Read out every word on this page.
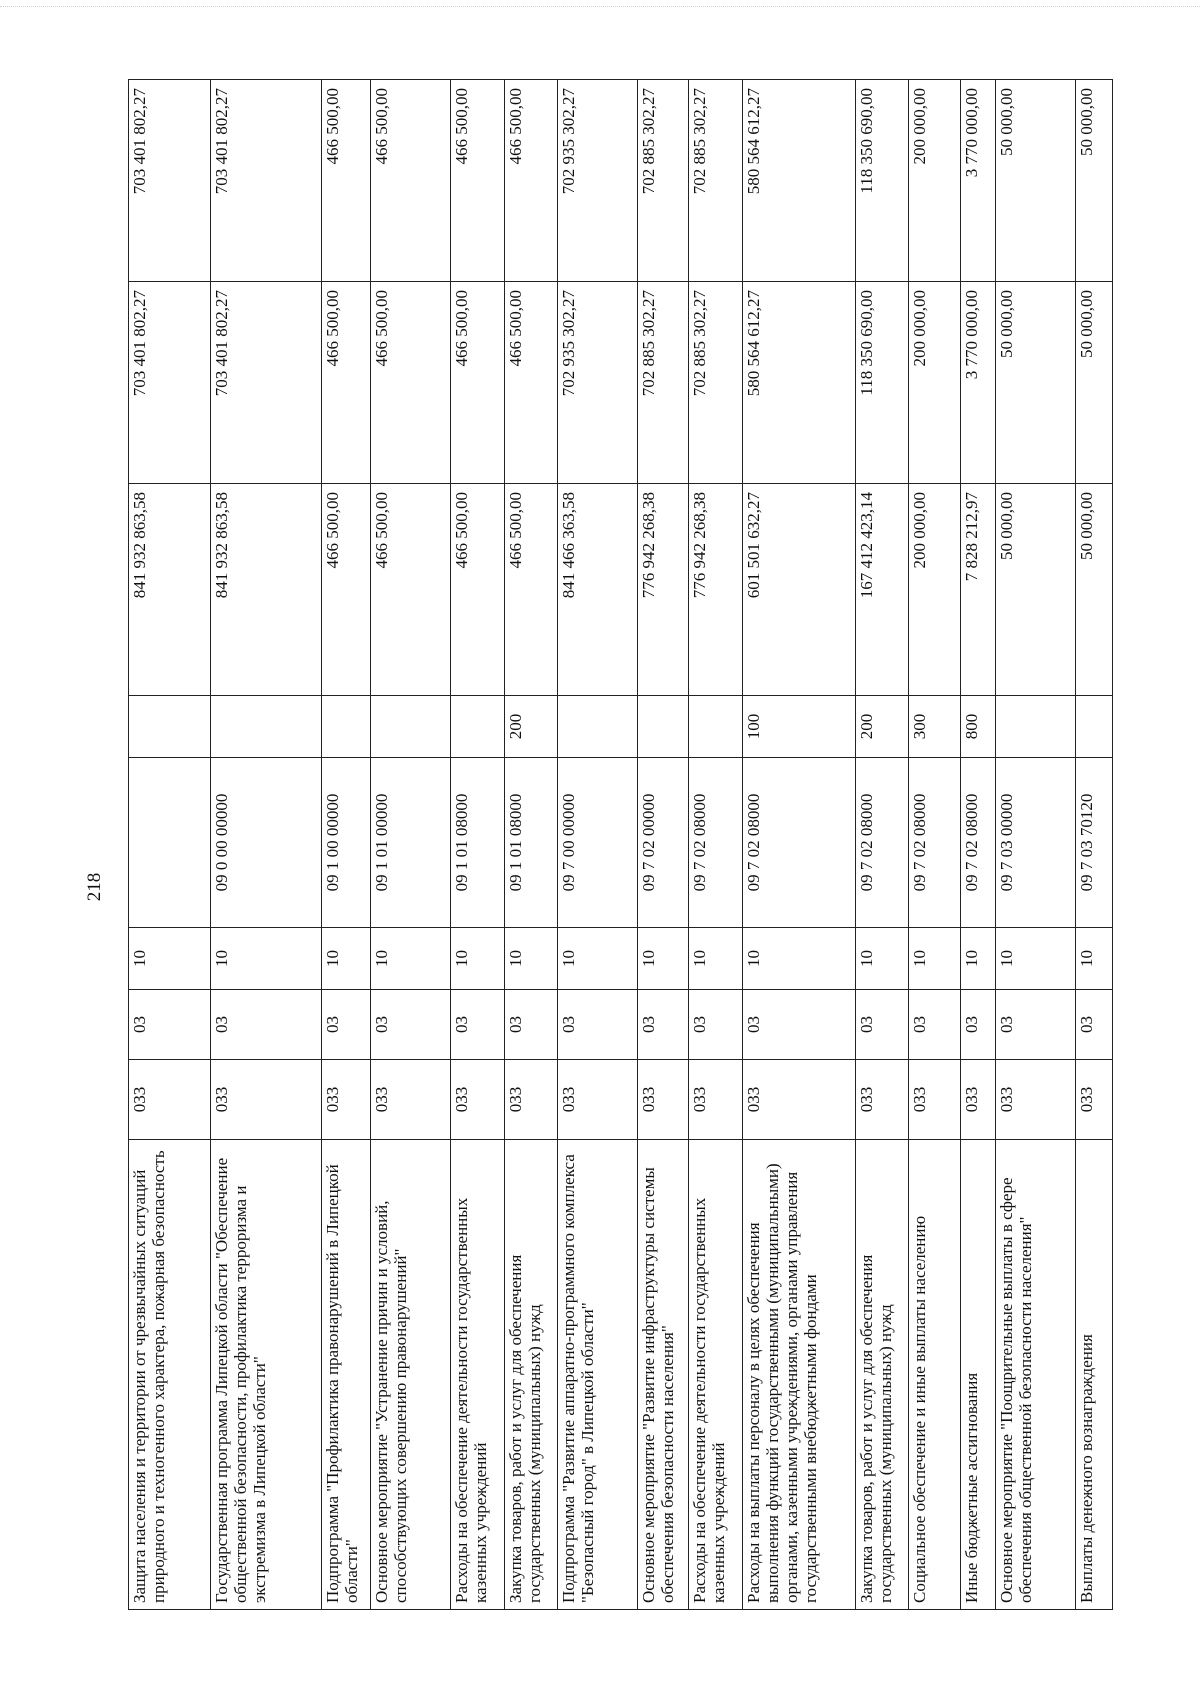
218
Защита населения и территории от чрезвычайных ситуаций природного и техногенного характера, пожарная безопасность	033	03	10			841 932 863,58	703 401 802,27	703 401 802,27
Государственная программа Липецкой области "Обеспечение общественной безопасности, профилактика терроризма и экстремизма в Липецкой области"	033	03	10	09 0 00 00000		841 932 863,58	703 401 802,27	703 401 802,27
Подпрограмма "Профилактика правонарушений в Липецкой области"	033	03	10	09 1 00 00000		466 500,00	466 500,00	466 500,00
Основное мероприятие "Устранение причин и условий, способствующих совершению правонарушений"	033	03	10	09 1 01 00000		466 500,00	466 500,00	466 500,00
Расходы на обеспечение деятельности государственных казенных учреждений	033	03	10	09 1 01 08000		466 500,00	466 500,00	466 500,00
Закупка товаров, работ и услуг для обеспечения государственных (муниципальных) нужд	033	03	10	09 1 01 08000	200	466 500,00	466 500,00	466 500,00
Подпрограмма "Развитие аппаратно-программного комплекса "Безопасный город" в Липецкой области"	033	03	10	09 7 00 00000		841 466 363,58	702 935 302,27	702 935 302,27
Основное мероприятие "Развитие инфраструктуры системы обеспечения безопасности населения"	033	03	10	09 7 02 00000		776 942 268,38	702 885 302,27	702 885 302,27
Расходы на обеспечение деятельности государственных казенных учреждений	033	03	10	09 7 02 08000		776 942 268,38	702 885 302,27	702 885 302,27
Расходы на выплаты персоналу в целях обеспечения выполнения функций государственными (муниципальными) органами, казенными учреждениями, органами управления государственными внебюджетными фондами	033	03	10	09 7 02 08000	100	601 501 632,27	580 564 612,27	580 564 612,27
Закупка товаров, работ и услуг для обеспечения государственных (муниципальных) нужд	033	03	10	09 7 02 08000	200	167 412 423,14	118 350 690,00	118 350 690,00
Социальное обеспечение и иные выплаты населению	033	03	10	09 7 02 08000	300	200 000,00	200 000,00	200 000,00
Иные бюджетные ассигнования	033	03	10	09 7 02 08000	800	7 828 212,97	3 770 000,00	3 770 000,00
Основное мероприятие "Поощрительные выплаты в сфере обеспечения общественной безопасности населения"	033	03	10	09 7 03 00000		50 000,00	50 000,00	50 000,00
Выплаты денежного вознаграждения	033	03	10	09 7 03 70120		50 000,00	50 000,00	50 000,00
